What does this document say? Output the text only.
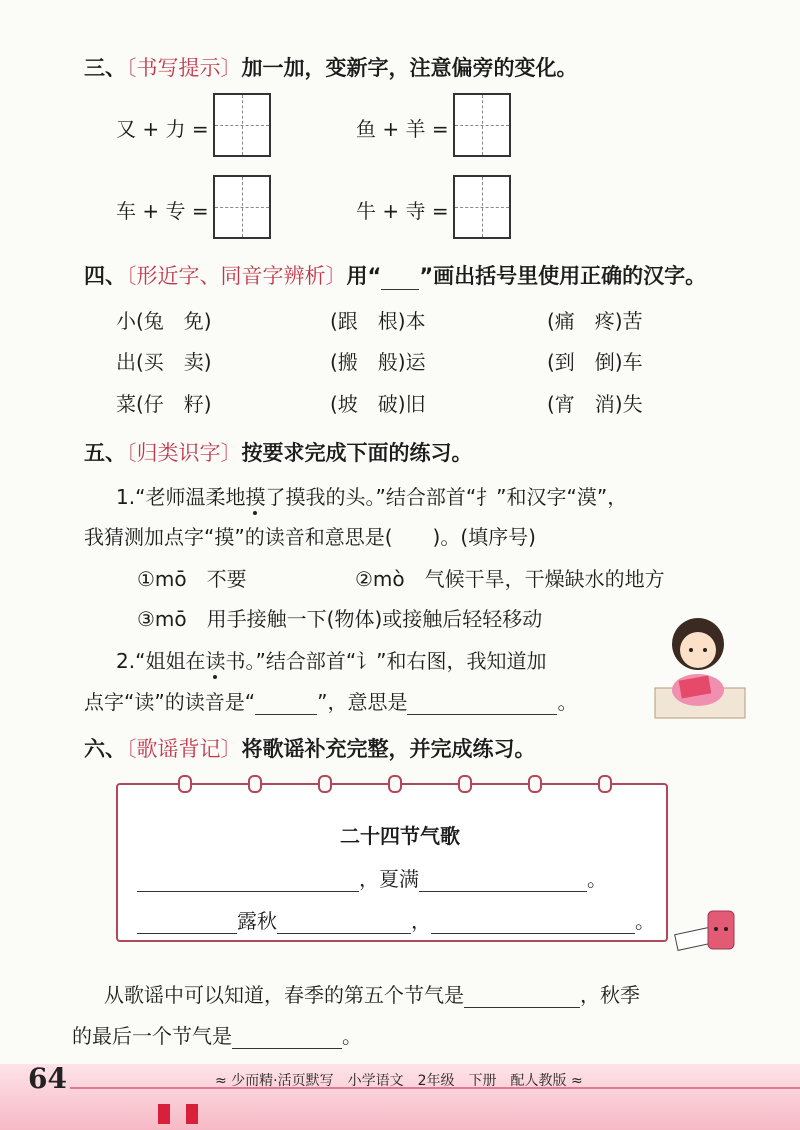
三、〔书写提示〕加一加，变新字，注意偏旁的变化。
又 + 力 =	鱼 + 羊 =
车 + 专 =	牛 + 寺 =
四、〔形近字、同音字辨析〕用“ ”画出括号里使用正确的汉字。
小(兔　免)	(跟　根)本	(痛　疼)苦
出(买　卖)	(搬　般)运	(到　倒)车
菜(仔　籽)	(坡　破)旧	(宵　消)失
五、〔归类识字〕按要求完成下面的练习。
1.“老师温柔地摸了摸我的头。”结合部首“扌”和汉字“漠”，
我猜测加点字“摸”的读音和意思是(　　)。(填序号)
①mō　不要	②mò　气候干旱，干燥缺水的地方
③mō　用手接触一下(物体)或接触后轻轻移动
2.“姐姐在读书。”结合部首“讠”和右图，我知道加
点字“读”的读音是“	”，意思是	。
六、〔歌谣背记〕将歌谣补充完整，并完成练习。
二十四节气歌
，夏满	。
露秋	，	。
从歌谣中可以知道，春季的第五个节气是	，秋季
的最后一个节气是	。
64	≈ 少而精·活页默写　小学语文　2年级　下册　配人教版 ≈
